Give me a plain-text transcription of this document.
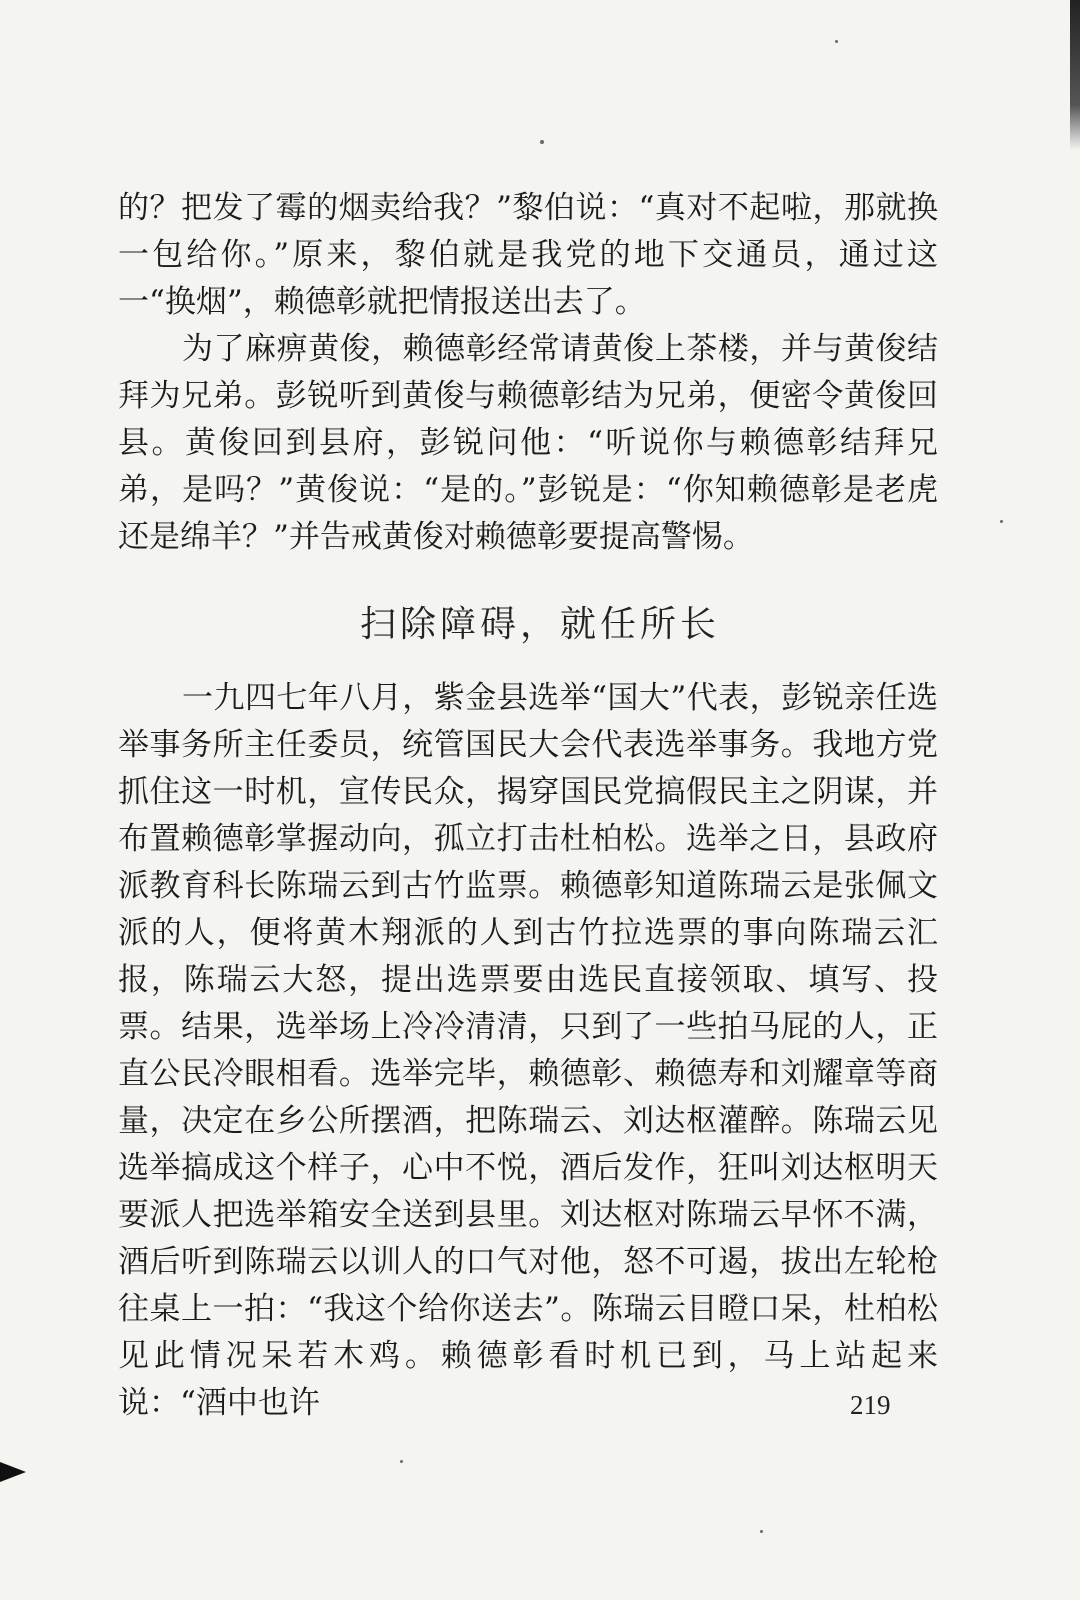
的？把发了霉的烟卖给我？”黎伯说：“真对不起啦，那就换一包给你。”原来，黎伯就是我党的地下交通员，通过这一“换烟”，赖德彰就把情报送出去了。

为了麻痹黄俊，赖德彰经常请黄俊上茶楼，并与黄俊结拜为兄弟。彭锐听到黄俊与赖德彰结为兄弟，便密令黄俊回县。黄俊回到县府，彭锐问他：“听说你与赖德彰结拜兄弟，是吗？”黄俊说：“是的。”彭锐是：“你知赖德彰是老虎还是绵羊？”并告戒黄俊对赖德彰要提高警惕。

扫除障碍，就任所长

一九四七年八月，紫金县选举“国大”代表，彭锐亲任选举事务所主任委员，统管国民大会代表选举事务。我地方党抓住这一时机，宣传民众，揭穿国民党搞假民主之阴谋，并布置赖德彰掌握动向，孤立打击杜柏松。选举之日，县政府派教育科长陈瑞云到古竹监票。赖德彰知道陈瑞云是张佩文派的人，便将黄木翔派的人到古竹拉选票的事向陈瑞云汇报，陈瑞云大怒，提出选票要由选民直接领取、填写、投票。结果，选举场上冷冷清清，只到了一些拍马屁的人，正直公民冷眼相看。选举完毕，赖德彰、赖德寿和刘耀章等商量，决定在乡公所摆酒，把陈瑞云、刘达枢灌醉。陈瑞云见选举搞成这个样子，心中不悦，酒后发作，狂叫刘达枢明天要派人把选举箱安全送到县里。刘达枢对陈瑞云早怀不满，酒后听到陈瑞云以训人的口气对他，怒不可遏，拔出左轮枪往桌上一拍：“我这个给你送去”。陈瑞云目瞪口呆，杜柏松见此情况呆若木鸡。赖德彰看时机已到，马上站起来说：“酒中也许	219
